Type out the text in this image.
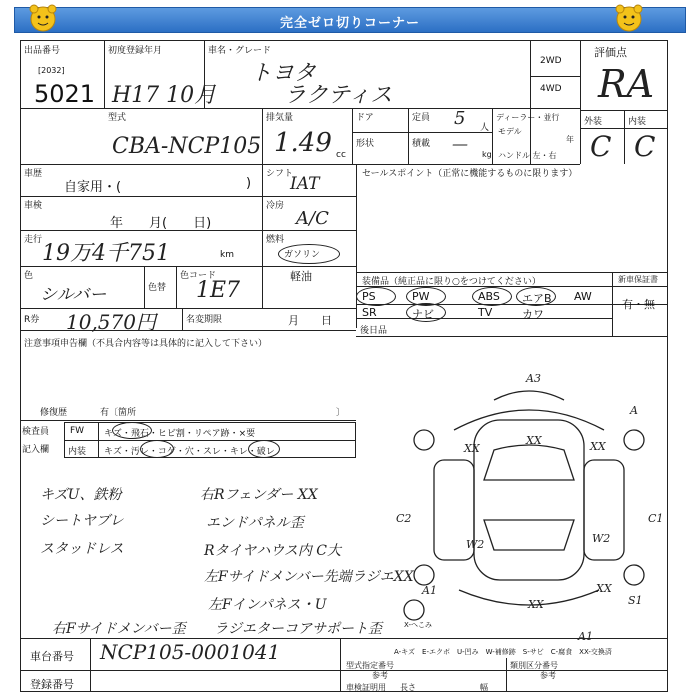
完全ゼロ切りコーナー
出品番号
[2032]
5021
初度登録年月
H17 10月
車名・グレード
トヨタ
ラクティス
2WD
4WD
評価点
RA
外装	内装
C C
型式
CBA-NCP105
排気量
1.49 cc
ドア	定員 5 人
形状	積載 —
kg
ディーラー・並行
モデル
年
ハンドル 左・右
車歴
自家用・(	)
車検
年　　月(　　日)
走行
19万4千751	km
色
シルバー	色替
色コード
1E7
R券 10,570円	名変期限	月　　日
シフト
IAT
冷房
A/C
燃料
ガソリン
軽油
セールスポイント（正常に機能するものに限ります）
装備品（純正品に限り○をつけてください）	新車保証書
有・無
後日品
PS	PW	ABS エアB AW
SR	ナビ	TV	カワ
注意事項申告欄（不具合内容等は具体的に記入して下さい）
修復歴	有〔箇所	〕
検査員
記入欄
FW キズ・飛石・ヒビ割・リペア跡・×要
内装 キズ・汚レ・コゲ・穴・スレ・キレ・破レ
キズU、鉄粉
シートヤブレ
スタッドレス
右Rフェンダー XX
エンドパネル歪
Rタイヤハウス内 C大
左Fサイドメンバー先端ラジエXX
左Fインパネス・U
ラジエターコアサポート歪
右Fサイドメンバー歪
A3
A
XX
XX	XX
C2	C1
W2	W2
A1	XX
XX	S1
A1
A-キズ　E-エクボ　U-凹み　W-補修跡　S-サビ　C-腐食　XX-交換済
X-へこみ
車台番号 NCP105-0001041
登録番号
型式指定番号
参考
類別区分番号
参考
車検証明用 長さ	幅
